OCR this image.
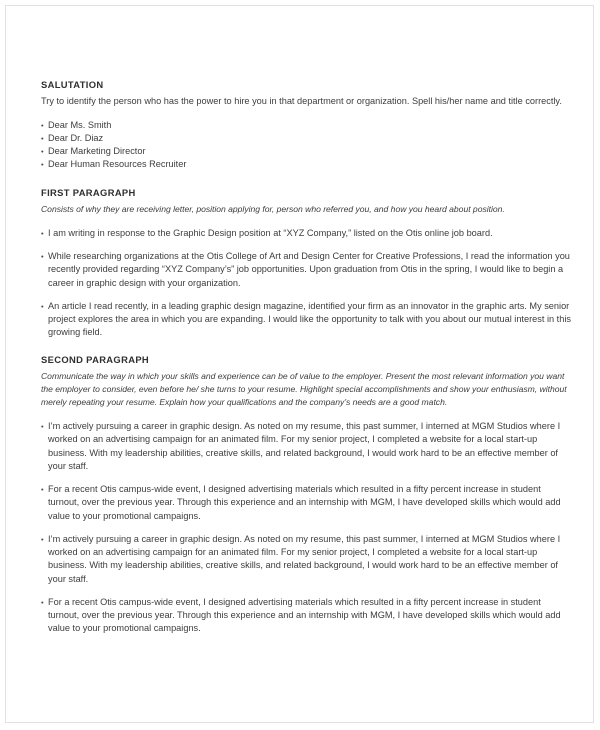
SALUTATION

Try to identify the person who has the power to hire you in that department or organization. Spell his/her name and title correctly.

• Dear Ms. Smith
• Dear Dr. Diaz
• Dear Marketing Director
• Dear Human Resources Recruiter
FIRST PARAGRAPH

Consists of why they are receiving letter, position applying for, person who referred you, and how you heard about position.

• I am writing in response to the Graphic Design position at “XYZ Company,” listed on the Otis online job board.
• While researching organizations at the Otis College of Art and Design Center for Creative Professions, I read the information you recently provided regarding “XYZ Company’s” job opportunities. Upon graduation from Otis in the spring, I would like to begin a career in graphic design with your organization.
• An article I read recently, in a leading graphic design magazine, identified your firm as an innovator in the graphic arts. My senior project explores the area in which you are expanding. I would like the opportunity to talk with you about our mutual interest in this growing field.
SECOND PARAGRAPH

Communicate the way in which your skills and experience can be of value to the employer. Present the most relevant information you want the employer to consider, even before he/ she turns to your resume. Highlight special accomplishments and show your enthusiasm, without merely repeating your resume. Explain how your qualifications and the company’s needs are a good match.

• I’m actively pursuing a career in graphic design. As noted on my resume, this past summer, I interned at MGM Studios where I worked on an advertising campaign for an animated film. For my senior project, I completed a website for a local start-up business. With my leadership abilities, creative skills, and related background, I would work hard to be an effective member of your staff.
• For a recent Otis campus-wide event, I designed advertising materials which resulted in a fifty percent increase in student turnout, over the previous year. Through this experience and an internship with MGM, I have developed skills which would add value to your promotional campaigns.
• I’m actively pursuing a career in graphic design. As noted on my resume, this past summer, I interned at MGM Studios where I worked on an advertising campaign for an animated film. For my senior project, I completed a website for a local start-up business. With my leadership abilities, creative skills, and related background, I would work hard to be an effective member of your staff.
• For a recent Otis campus-wide event, I designed advertising materials which resulted in a fifty percent increase in student turnout, over the previous year. Through this experience and an internship with MGM, I have developed skills which would add value to your promotional campaigns.
